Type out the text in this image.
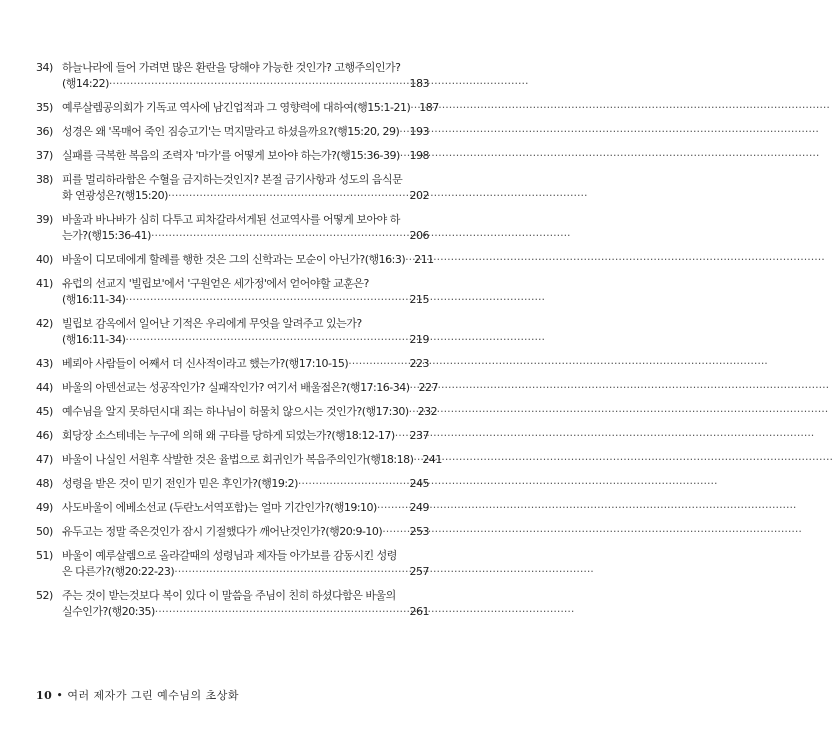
34) 하늘나라에 들어 가려면 많은 환란을 당해야 가능한 것인가? 고행주의인가?
(행14:22) ·····	183
35) 예루살렘공의회가 기독교 역사에 남긴업적과 그 영향력에 대하여(행15:1-21) ····· 187
36) 성경은 왜 '목매어 죽인 짐승고기'는 먹지말라고 하셨을까요?(행15:20, 29) ····· 193
37) 실패를 극복한 복음의 조력자 '마가'를 어떻게 보아야 하는가?(행15:36-39) ····· 198
38) 피를 멀리하라함은 수혈을 금지하는것인지? 본절 금기사항과 성도의 음식문
화 연광성은?(행15:20) ·····	202
39) 바울과 바나바가 심히 다투고 피차갈라서게된 선교역사를 어떻게 보아야 하
는가?(행15:36-41) ·····	206
40) 바울이 디모데에게 할례를 행한 것은 그의 신학과는 모순이 아닌가?(행16:3) ····· 211
41) 유럽의 선교지 '빌립보'에서 '구원얻은 세가정'에서 얻어야할 교훈은?
(행16:11-34) ·····	215
42) 빌립보 감옥에서 일어난 기적은 우리에게 무엇을 알려주고 있는가?
(행16:11-34) ·····	219
43) 베뢰아 사람들이 어째서 더 신사적이라고 했는가?(행17:10-15) ·····	223
44) 바울의 아덴선교는 성공작인가? 실패작인가? 여기서 배울점은?(행17:16-34) ····· 227
45) 예수님을 알지 못하던시대 죄는 하나님이 허물치 않으시는 것인가?(행17:30) ····· 232
46) 회당장 소스테네는 누구에 의해 왜 구타를 당하게 되었는가?(행18:12-17) ····· 237
47) 바울이 나실인 서원후 삭발한 것은 율법으로 회귀인가 복음주의인가(행18:18) ····· 241
48) 성령을 받은 것이 믿기 전인가 믿은 후인가?(행19:2) ·····	245
49) 사도바울이 에베소선교 (두란노서역포함)는 얼마 기간인가?(행19:10) ·····	249
50) 유두고는 정말 죽은것인가 잠시 기절했다가 깨어난것인가?(행20:9-10) ····· 253
51) 바울이 예루살렘으로 올라갈때의 성령님과 제자들 아가보를 감동시킨 성령
은 다른가?(행20:22-23) ·····	257
52) 주는 것이 받는것보다 복이 있다 이 말씀을 주님이 친히 하셨다함은 바울의
실수인가?(행20:35) ·····	261
10 • 여러 제자가 그린 예수님의 초상화
